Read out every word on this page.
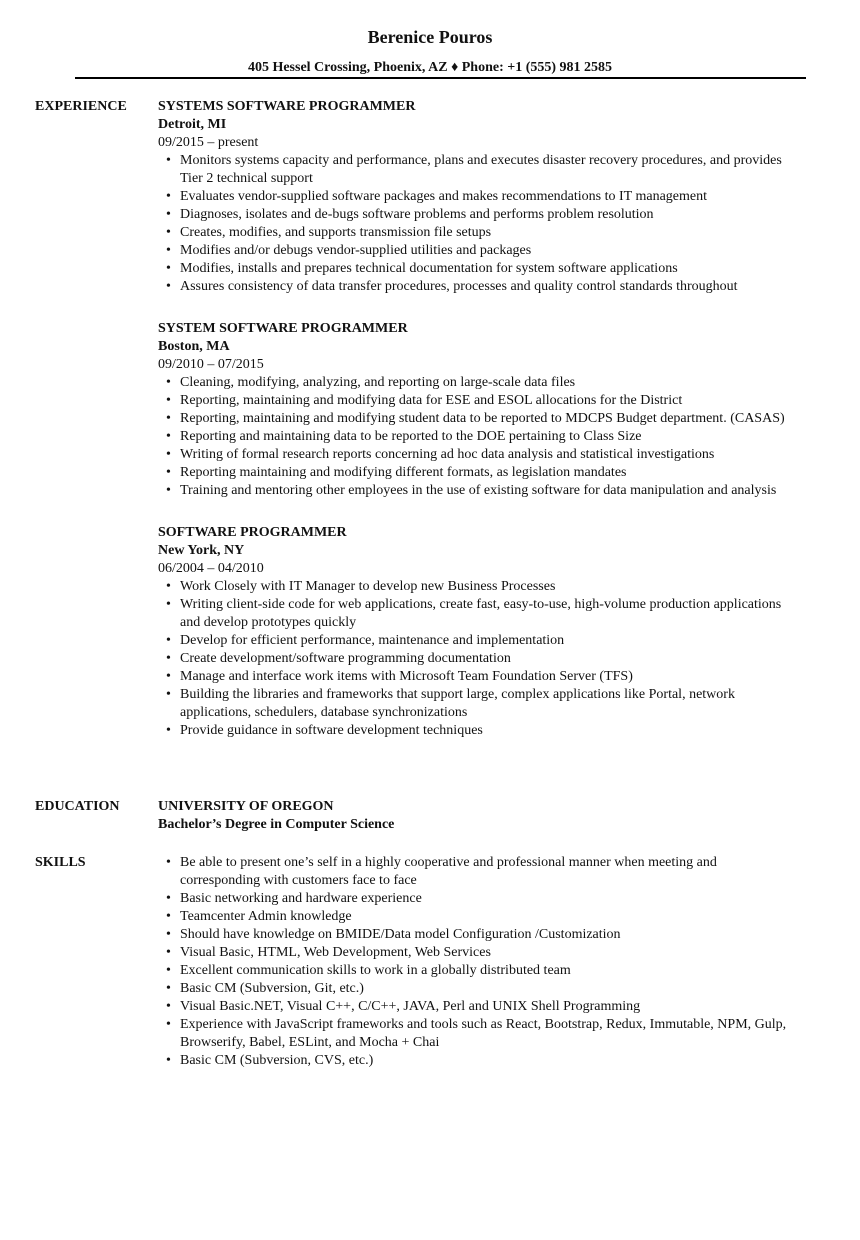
Berenice Pouros
405 Hessel Crossing, Phoenix, AZ ♦ Phone: +1 (555) 981 2585
EXPERIENCE SYSTEMS SOFTWARE PROGRAMMER
Detroit, MI
09/2015 – present
• Monitors systems capacity and performance, plans and executes disaster recovery procedures, and provides Tier 2 technical support
• Evaluates vendor-supplied software packages and makes recommendations to IT management
• Diagnoses, isolates and de-bugs software problems and performs problem resolution
• Creates, modifies, and supports transmission file setups
• Modifies and/or debugs vendor-supplied utilities and packages
• Modifies, installs and prepares technical documentation for system software applications
• Assures consistency of data transfer procedures, processes and quality control standards throughout
SYSTEM SOFTWARE PROGRAMMER
Boston, MA
09/2010 – 07/2015
• Cleaning, modifying, analyzing, and reporting on large-scale data files
• Reporting, maintaining and modifying data for ESE and ESOL allocations for the District
• Reporting, maintaining and modifying student data to be reported to MDCPS Budget department. (CASAS)
• Reporting and maintaining data to be reported to the DOE pertaining to Class Size
• Writing of formal research reports concerning ad hoc data analysis and statistical investigations
• Reporting maintaining and modifying different formats, as legislation mandates
• Training and mentoring other employees in the use of existing software for data manipulation and analysis
SOFTWARE PROGRAMMER
New York, NY
06/2004 – 04/2010
• Work Closely with IT Manager to develop new Business Processes
• Writing client-side code for web applications, create fast, easy-to-use, high-volume production applications and develop prototypes quickly
• Develop for efficient performance, maintenance and implementation
• Create development/software programming documentation
• Manage and interface work items with Microsoft Team Foundation Server (TFS)
• Building the libraries and frameworks that support large, complex applications like Portal, network applications, schedulers, database synchronizations
• Provide guidance in software development techniques
EDUCATION	UNIVERSITY OF OREGON
Bachelor’s Degree in Computer Science
SKILLS	• Be able to present one’s self in a highly cooperative and professional manner when meeting and corresponding with customers face to face
• Basic networking and hardware experience
• Teamcenter Admin knowledge
• Should have knowledge on BMIDE/Data model Configuration /Customization
• Visual Basic, HTML, Web Development, Web Services
• Excellent communication skills to work in a globally distributed team
• Basic CM (Subversion, Git, etc.)
• Visual Basic.NET, Visual C++, C/C++, JAVA, Perl and UNIX Shell Programming
• Experience with JavaScript frameworks and tools such as React, Bootstrap, Redux, Immutable, NPM, Gulp, Browserify, Babel, ESLint, and Mocha + Chai
• Basic CM (Subversion, CVS, etc.)
